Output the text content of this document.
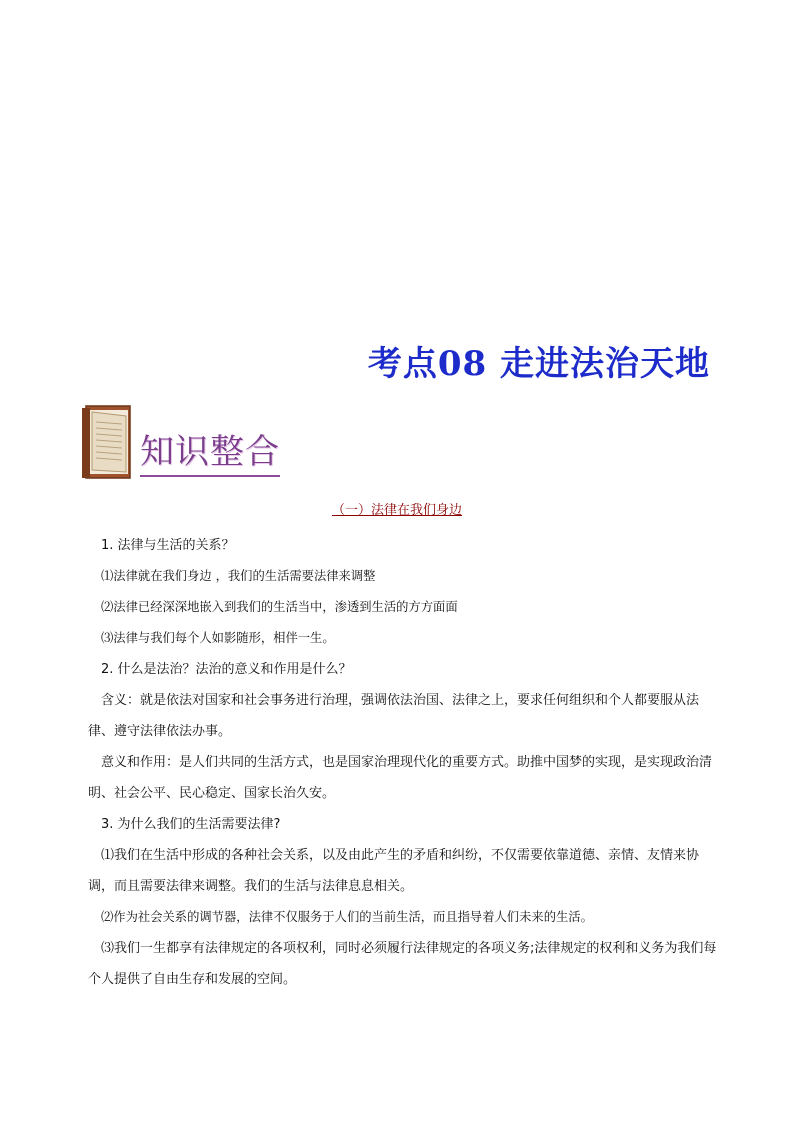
考点08 走进法治天地
知识整合
（一）法律在我们身边

1. 法律与生活的关系？

⑴法律就在我们身边 ，我们的生活需要法律来调整

⑵法律已经深深地嵌入到我们的生活当中，渗透到生活的方方面面

⑶法律与我们每个人如影随形，相伴一生。

2. 什么是法治？法治的意义和作用是什么？

含义：就是依法对国家和社会事务进行治理，强调依法治国、法律之上，要求任何组织和个人都要服从法律、遵守法律依法办事。

意义和作用：是人们共同的生活方式，也是国家治理现代化的重要方式。助推中国梦的实现，是实现政治清明、社会公平、民心稳定、国家长治久安。

3. 为什么我们的生活需要法律?

⑴我们在生活中形成的各种社会关系，以及由此产生的矛盾和纠纷，不仅需要依靠道德、亲情、友情来协调，而且需要法律来调整。我们的生活与法律息息相关。

⑵作为社会关系的调节器，法律不仅服务于人们的当前生活，而且指导着人们未来的生活。

⑶我们一生都享有法律规定的各项权利，同时必须履行法律规定的各项义务;法律规定的权利和义务为我们每个人提供了自由生存和发展的空间。
